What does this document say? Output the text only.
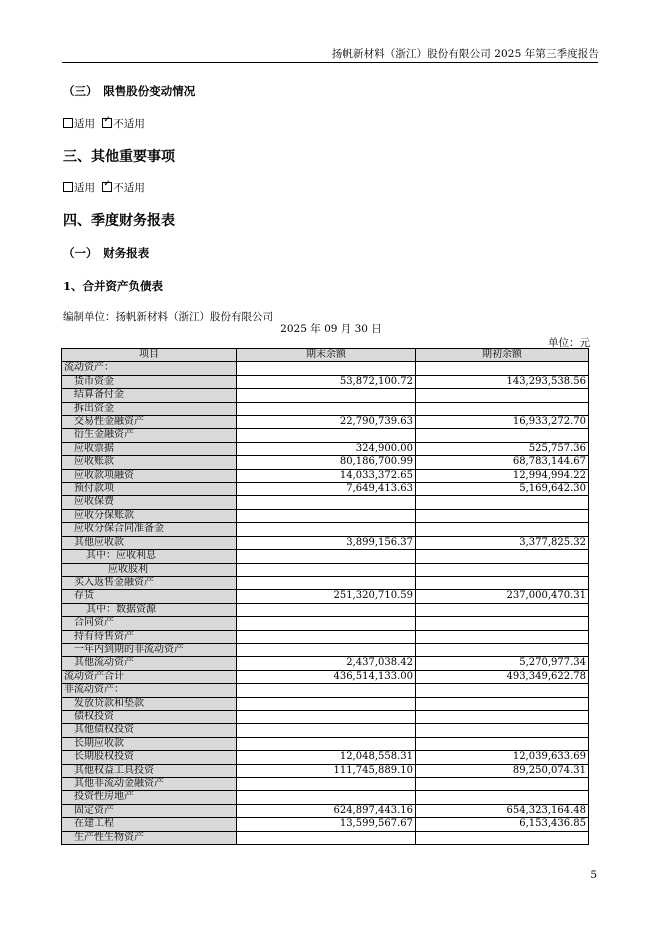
扬帆新材料（浙江）股份有限公司 2025 年第三季度报告
（三）　限售股份变动情况
适用 ✓ 不适用
三、其他重要事项
适用 ✓ 不适用
四、季度财务报表
（一）　财务报表
1、合并资产负债表
编制单位：扬帆新材料（浙江）股份有限公司
2025 年 09 月 30 日
单位：元
项目	期末余额	期初余额
流动资产：		
货币资金	53,872,100.72	143,293,538.56
结算备付金		
拆出资金		
交易性金融资产	22,790,739.63	16,933,272.70
衍生金融资产		
应收票据	324,900.00	525,757.36
应收账款	80,186,700.99	68,783,144.67
应收款项融资	14,033,372.65	12,994,994.22
预付款项	7,649,413.63	5,169,642.30
应收保费		
应收分保账款		
应收分保合同准备金		
其他应收款	3,899,156.37	3,377,825.32
其中：应收利息		
应收股利		
买入返售金融资产		
存货	251,320,710.59	237,000,470.31
其中：数据资源		
合同资产		
持有待售资产		
一年内到期的非流动资产		
其他流动资产	2,437,038.42	5,270,977.34
流动资产合计	436,514,133.00	493,349,622.78
非流动资产：		
发放贷款和垫款		
债权投资		
其他债权投资		
长期应收款		
长期股权投资	12,048,558.31	12,039,633.69
其他权益工具投资	111,745,889.10	89,250,074.31
其他非流动金融资产		
投资性房地产		
固定资产	624,897,443.16	654,323,164.48
在建工程	13,599,567.67	6,153,436.85
生产性生物资产		
5
